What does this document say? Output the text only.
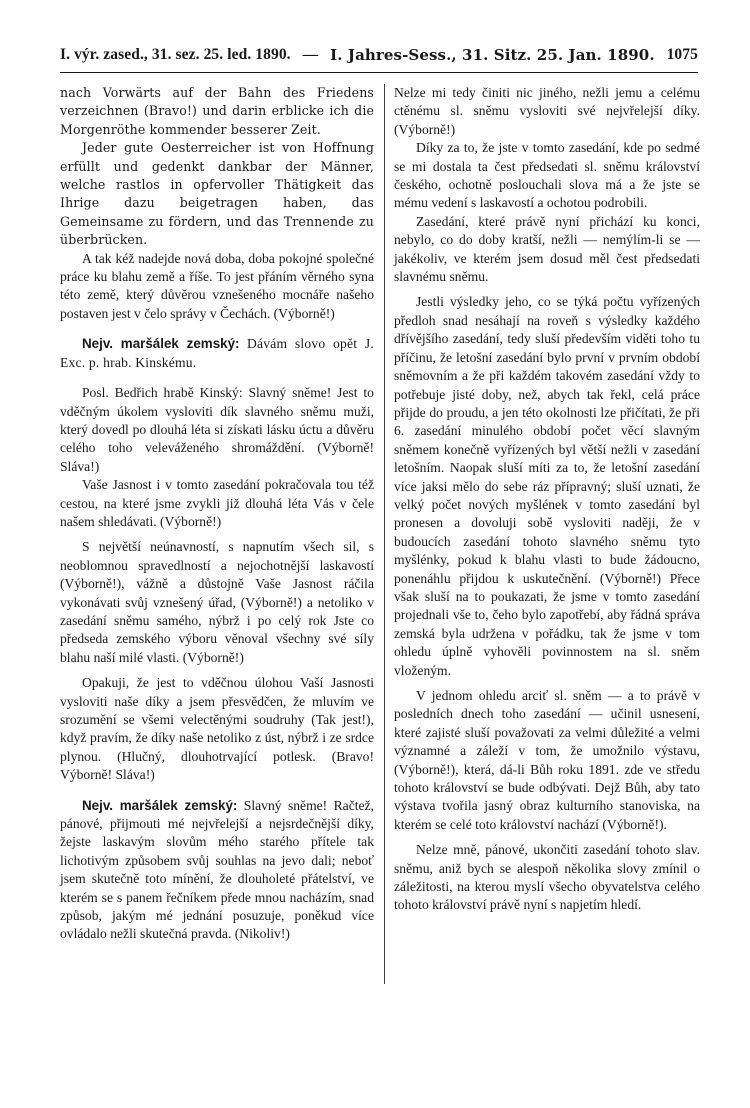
I. výr. zased., 31. sez. 25. led. 1890. — I. Jahres-Sess., 31. Sitz. 25. Jan. 1890. 1075

nach Vorwärts auf der Bahn des Friedens verzeichnen (Bravo!) und darin erblicke ich die Morgenröthe kommender besserer Zeit.

Jeder gute Oesterreicher ist von Hoffnung erfüllt und gedenkt dankbar der Männer, welche rastlos in opfervoller Thätigkeit das Ihrige dazu beigetragen haben, das Gemeinsame zu fördern, und das Trennende zu überbrücken.

A tak kéž nadejde nová doba, doba pokojné společné práce ku blahu země a říše. To jest přáním věrného syna této země, který důvěrou vznešeného mocnáře našeho postaven jest v čelo správy v Čechách. (Výborně!)

Nejv. maršálek zemský: Dávám slovo opět J. Exc. p. hrab. Kinskému.

Posl. Bedřich hrabě Kinský: Slavný sněme! Jest to vděčným úkolem vysloviti dík slavného sněmu muži, který dovedl po dlouhá léta si získati lásku úctu a důvěru celého toho veleváženého shromáždění. (Výborně! Sláva!)

Vaše Jasnost i v tomto zasedání pokračovala tou též cestou, na které jsme zvykli již dlouhá léta Vás v čele našem shledávati. (Výborně!)

S největší neúnavností, s napnutím všech sil, s neoblomnou spravedlností a nejochotnější laskavostí (Výborně!), vážně a důstojně Vaše Jasnost ráčila vykonávati svůj vznešený úřad, (Výborně!) a netoliko v zasedání sněmu samého, nýbrž i po celý rok Jste co předseda zemského výboru věnoval všechny své síly blahu naší milé vlasti. (Výborně!)

Opakuji, že jest to vděčnou úlohou Vaší Jasnosti vysloviti naše díky a jsem přesvědčen, že mluvím ve srozumění se všemi velectěnými soudruhy (Tak jest!), když pravím, že díky naše netoliko z úst, nýbrž i ze srdce plynou. (Hlučný, dlouhotrvající potlesk. (Bravo! Výborně! Sláva!)

Nejv. maršálek zemský: Slavný sněme! Račtež, pánové, přijmouti mé nejvřelejší a nejsrdečnější díky, žejste laskavým slovům mého starého přítele tak lichotivým způsobem svůj souhlas na jevo dali; neboť jsem skutečně toto mínění, že dlouholeté přátelství, ve kterém se s panem řečníkem přede mnou nacházím, snad způsob, jakým mé jednání posuzuje, poněkud více ovládalo nežli skutečná pravda. (Nikoliv!)

Nelze mi tedy činiti nic jiného, nežli jemu a celému ctěnému sl. sněmu vysloviti své nejvřelejší díky. (Výborně!)

Díky za to, že jste v tomto zasedání, kde po sedmé se mi dostala ta čest předsedati sl. sněmu království českého, ochotně poslouchali slova má a že jste se mému vedení s laskavostí a ochotou podrobili.

Zasedání, které právě nyní přichází ku konci, nebylo, co do doby kratší, nežli — nemýlím-li se — jakékoliv, ve kterém jsem dosud měl čest předsedati slavnému sněmu.

Jestli výsledky jeho, co se týká počtu vyřízených předloh snad nesáhají na roveň s výsledky každého dřívějšího zasedání, tedy sluší především viděti toho tu příčinu, že letošní zasedání bylo první v prvním období sněmovním a že při každém takovém zasedání vždy to potřebuje jisté doby, než, abych tak řekl, celá práce přijde do proudu, a jen této okolnosti lze přičítati, že při 6. zasedání minulého období počet věcí slavným sněmem konečně vyřízených byl větší nežli v zasedání letošním. Naopak sluší míti za to, že letošní zasedání více jaksi mělo do sebe ráz přípravný; sluší uznati, že velký počet nových myšlének v tomto zasedání byl pronesen a dovoluji sobě vysloviti naději, že v budoucích zasedání tohoto slavného sněmu tyto myšlénky, pokud k blahu vlasti to bude žádoucno, ponenáhlu přijdou k uskutečnění. (Výborně!) Přece však sluší na to poukazati, že jsme v tomto zasedání projednali vše to, čeho bylo zapotřebí, aby řádná správa zemská byla udržena v pořádku, tak že jsme v tom ohledu úplně vyhověli povinnostem na sl. sněm vloženým.

V jednom ohledu arciť sl. sněm — a to právě v posledních dnech toho zasedání — učinil usnesení, které zajisté sluší považovati za velmi důležité a velmi významné a záleží v tom, že umožnilo výstavu, (Výborně!), která, dá-li Bůh roku 1891. zde ve středu tohoto království se bude odbývati. Dejž Bůh, aby tato výstava tvořila jasný obraz kulturního stanoviska, na kterém se celé toto království nachází (Výborně!).

Nelze mně, pánové, ukončiti zasedání tohoto slav. sněmu, aniž bych se alespoň několika slovy zmínil o záležitosti, na kterou myslí všecho obyvatelstva celého tohoto království právě nyní s napjetím hledí.
